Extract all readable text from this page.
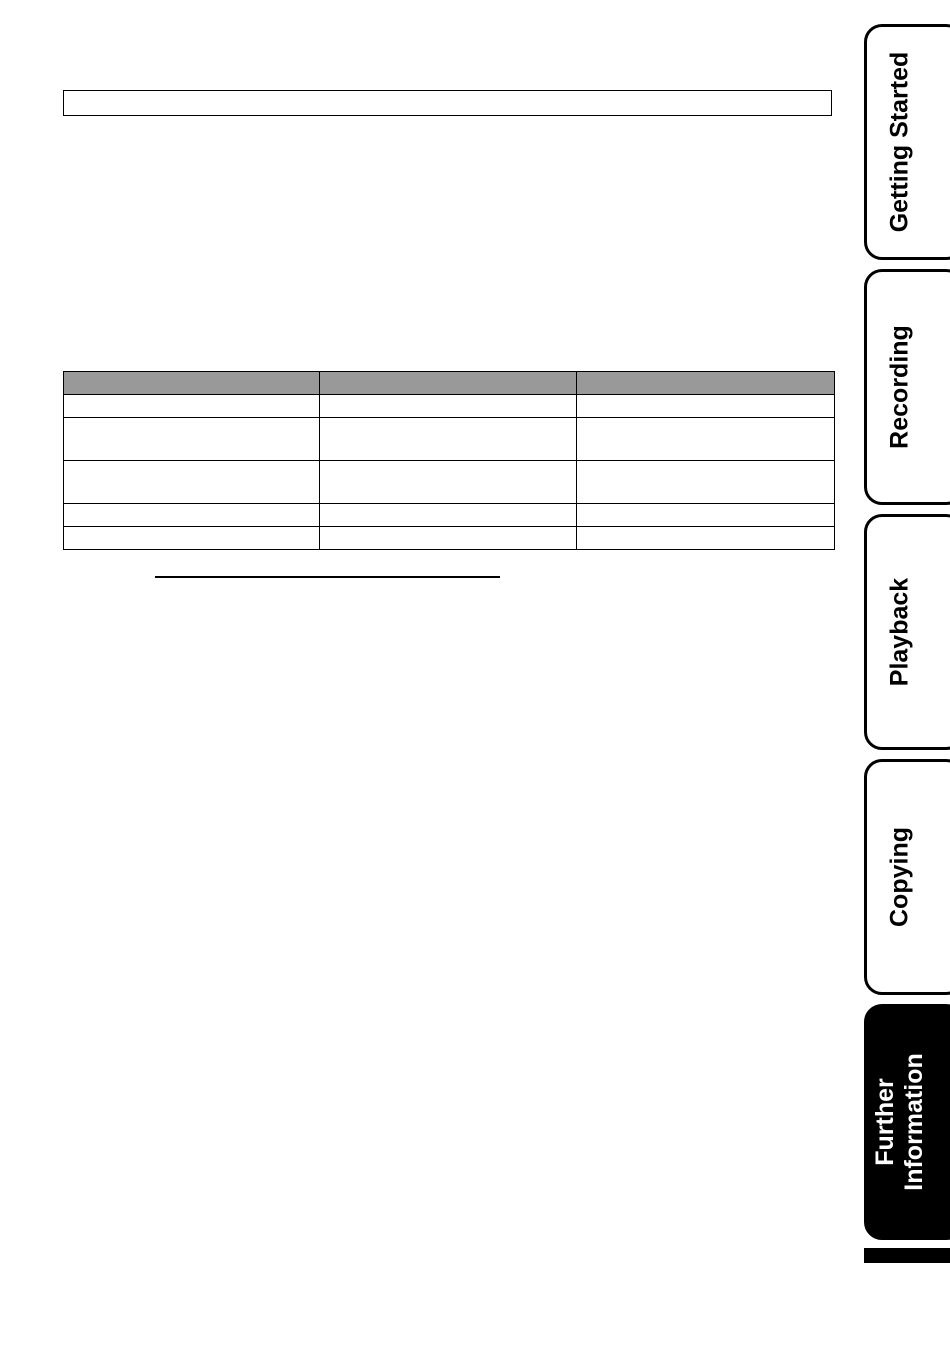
Getting Started
Recording
Playback
Copying
Further
Information
